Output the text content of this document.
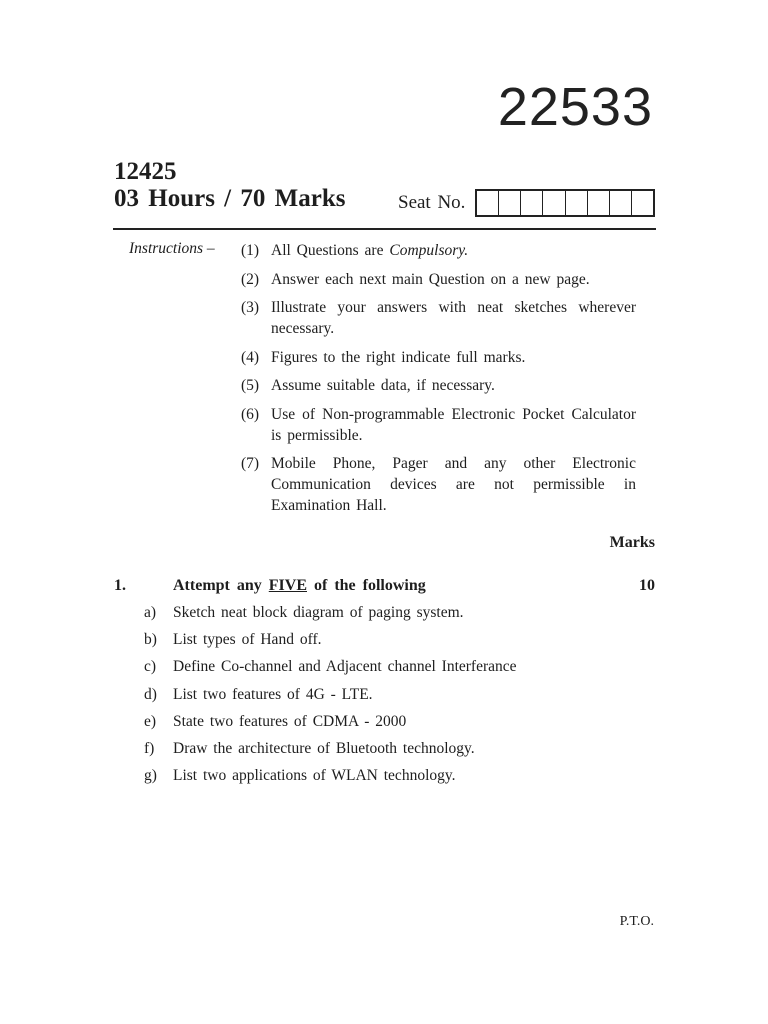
22533
12425
03 Hours / 70 Marks	Seat No.
Instructions – (1) All Questions are Compulsory.
(2) Answer each next main Question on a new page.
(3) Illustrate your answers with neat sketches wherever necessary.
(4) Figures to the right indicate full marks.
(5) Assume suitable data, if necessary.
(6) Use of Non-programmable Electronic Pocket Calculator is permissible.
(7) Mobile Phone, Pager and any other Electronic Communication devices are not permissible in Examination Hall.
Marks
1.	Attempt any FIVE of the following	10
a)	Sketch neat block diagram of paging system.
b)	List types of Hand off.
c)	Define Co-channel and Adjacent channel Interferance
d)	List two features of 4G - LTE.
e)	State two features of CDMA - 2000
f)	Draw the architecture of Bluetooth technology.
g)	List two applications of WLAN technology.
P.T.O.
